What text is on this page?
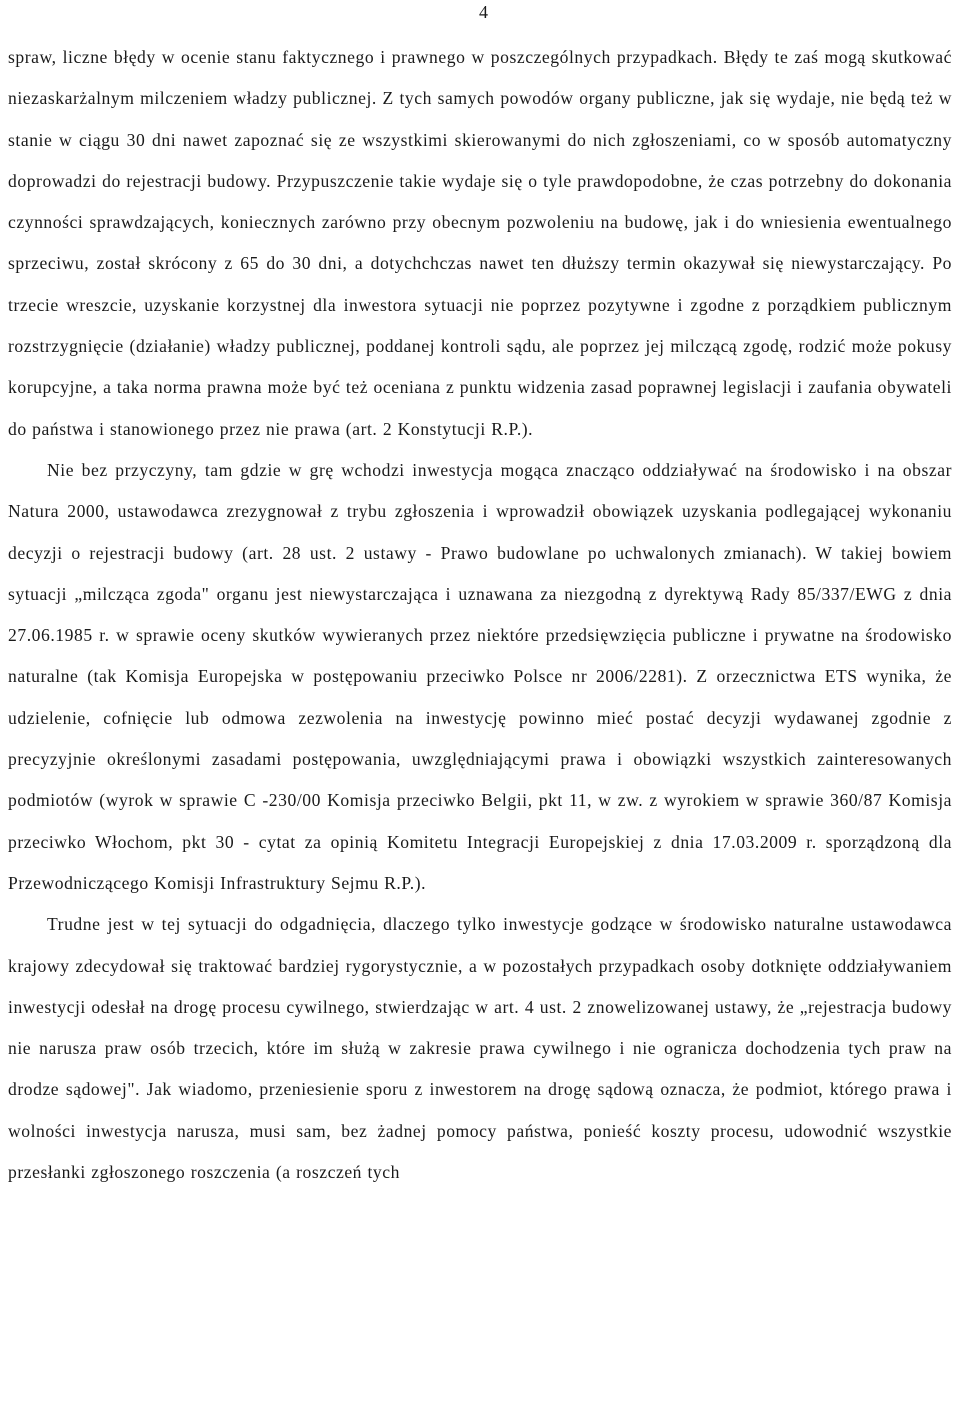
4

spraw, liczne błędy w ocenie stanu faktycznego i prawnego w poszczególnych przypadkach. Błędy te zaś mogą skutkować niezaskarżalnym milczeniem władzy publicznej. Z tych samych powodów organy publiczne, jak się wydaje, nie będą też w stanie w ciągu 30 dni nawet zapoznać się ze wszystkimi skierowanymi do nich zgłoszeniami, co w sposób automatyczny doprowadzi do rejestracji budowy. Przypuszczenie takie wydaje się o tyle prawdopodobne, że czas potrzebny do dokonania czynności sprawdzających, koniecznych zarówno przy obecnym pozwoleniu na budowę, jak i do wniesienia ewentualnego sprzeciwu, został skrócony z 65 do 30 dni, a dotychchczas nawet ten dłuższy termin okazywał się niewystarczający. Po trzecie wreszcie, uzyskanie korzystnej dla inwestora sytuacji nie poprzez pozytywne i zgodne z porządkiem publicznym rozstrzygnięcie (działanie) władzy publicznej, poddanej kontroli sądu, ale poprzez jej milczącą zgodę, rodzić może pokusy korupcyjne, a taka norma prawna może być też oceniana z punktu widzenia zasad poprawnej legislacji i zaufania obywateli do państwa i stanowionego przez nie prawa (art. 2 Konstytucji R.P.).

Nie bez przyczyny, tam gdzie w grę wchodzi inwestycja mogąca znacząco oddziaływać na środowisko i na obszar Natura 2000, ustawodawca zrezygnował z trybu zgłoszenia i wprowadził obowiązek uzyskania podlegającej wykonaniu decyzji o rejestracji budowy (art. 28 ust. 2 ustawy - Prawo budowlane po uchwalonych zmianach). W takiej bowiem sytuacji „milcząca zgoda" organu jest niewystarczająca i uznawana za niezgodną z dyrektywą Rady 85/337/EWG z dnia 27.06.1985 r. w sprawie oceny skutków wywieranych przez niektóre przedsięwzięcia publiczne i prywatne na środowisko naturalne (tak Komisja Europejska w postępowaniu przeciwko Polsce nr 2006/2281). Z orzecznictwa ETS wynika, że udzielenie, cofnięcie lub odmowa zezwolenia na inwestycję powinno mieć postać decyzji wydawanej zgodnie z precyzyjnie określonymi zasadami postępowania, uwzględniającymi prawa i obowiązki wszystkich zainteresowanych podmiotów (wyrok w sprawie C -230/00 Komisja przeciwko Belgii, pkt 11, w zw. z wyrokiem w sprawie 360/87 Komisja przeciwko Włochom, pkt 30 - cytat za opinią Komitetu Integracji Europejskiej z dnia 17.03.2009 r. sporządzoną dla Przewodniczącego Komisji Infrastruktury Sejmu R.P.).

Trudne jest w tej sytuacji do odgadnięcia, dlaczego tylko inwestycje godzące w środowisko naturalne ustawodawca krajowy zdecydował się traktować bardziej rygorystycznie, a w pozostałych przypadkach osoby dotknięte oddziaływaniem inwestycji odesłał na drogę procesu cywilnego, stwierdzając w art. 4 ust. 2 znowelizowanej ustawy, że „rejestracja budowy nie narusza praw osób trzecich, które im służą w zakresie prawa cywilnego i nie ogranicza dochodzenia tych praw na drodze sądowej". Jak wiadomo, przeniesienie sporu z inwestorem na drogę sądową oznacza, że podmiot, którego prawa i wolności inwestycja narusza, musi sam, bez żadnej pomocy państwa, ponieść koszty procesu, udowodnić wszystkie przesłanki zgłoszonego roszczenia (a roszczeń tych
